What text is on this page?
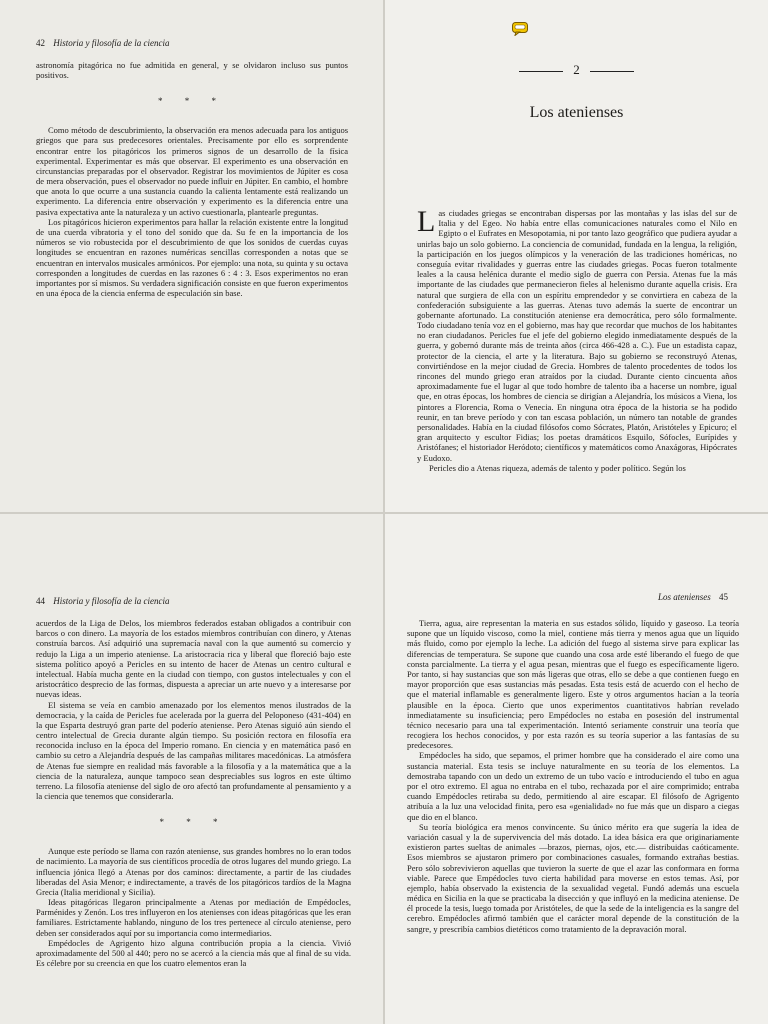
42 Historia y filosofía de la ciencia

astronomía pitagórica no fue admitida en general, y se olvidaron incluso sus puntos positivos.

* * *

Como método de descubrimiento, la observación era menos adecuada para los antiguos griegos que para sus predecesores orientales. Precisamente por ello es sorprendente encontrar entre los pitagóricos los primeros signos de un desarrollo de la física experimental. Experimentar es más que observar. El experimento es una observación en circunstancias preparadas por el observador. Registrar los movimientos de Júpiter es cosa de mera observación, pues el observador no puede influir en Júpiter. En cambio, el hombre que anota lo que ocurre a una sustancia cuando la calienta lentamente está realizando un experimento. La diferencia entre observación y experimento es la diferencia entre una pasiva expectativa ante la naturaleza y un activo cuestionarla, plantearle preguntas.

Los pitagóricos hicieron experimentos para hallar la relación existente entre la longitud de una cuerda vibratoria y el tono del sonido que da. Su fe en la importancia de los números se vio robustecida por el descubrimiento de que los sonidos de cuerdas cuyas longitudes se encuentran en razones numéricas sencillas corresponden a notas que se encuentran en intervalos musicales armónicos. Por ejemplo: una nota, su quinta y su octava corresponden a longitudes de cuerdas en las razones 6 : 4 : 3. Esos experimentos no eran importantes por sí mismos. Su verdadera significación consiste en que fueron experimentos en una época de la ciencia enferma de especulación sin base.

2
Los atenienses

Las ciudades griegas se encontraban dispersas por las montañas y las islas del sur de Italia y del Egeo. No había entre ellas comunicaciones naturales como el Nilo en Egipto o el Eufrates en Mesopotamia, ni por tanto lazo geográfico que pudiera ayudar a unirlas bajo un solo gobierno. La conciencia de comunidad, fundada en la lengua, la religión, la participación en los juegos olímpicos y la veneración de las tradiciones homéricas, no conseguía evitar rivalidades y guerras entre las ciudades griegas. Pocas fueron totalmente leales a la causa helénica durante el medio siglo de guerra con Persia. Atenas fue la más importante de las ciudades que permanecieron fieles al helenismo durante aquella crisis. Era natural que surgiera de ella con un espíritu emprendedor y se convirtiera en cabeza de la confederación subsiguiente a las guerras. Atenas tuvo además la suerte de encontrar un gobernante afortunado. La constitución ateniense era democrática, pero sólo formalmente. Todo ciudadano tenía voz en el gobierno, mas hay que recordar que muchos de los habitantes no eran ciudadanos. Pericles fue el jefe del gobierno elegido inmediatamente después de la guerra, y gobernó durante más de treinta años (circa 466-428 a. C.). Fue un estadista capaz, protector de la ciencia, el arte y la literatura. Bajo su gobierno se reconstruyó Atenas, convirtiéndose en la mejor ciudad de Grecia. Hombres de talento procedentes de todos los rincones del mundo griego eran atraídos por la ciudad. Durante ciento cincuenta años aproximadamente fue el lugar al que todo hombre de talento iba a hacerse un nombre, igual que, en otras épocas, los hombres de ciencia se dirigían a Alejandría, los músicos a Viena, los pintores a Florencia, Roma o Venecia. En ninguna otra época de la historia se ha podido reunir, en tan breve período y con tan escasa población, un número tan notable de grandes personalidades. Había en la ciudad filósofos como Sócrates, Platón, Aristóteles y Epicuro; el gran arquitecto y escultor Fidias; los poetas dramáticos Esquilo, Sófocles, Eurípides y Aristófanes; el historiador Heródoto; científicos y matemáticos como Anaxágoras, Hipócrates y Eudoxo.

Pericles dio a Atenas riqueza, además de talento y poder político. Según los

44 Historia y filosofía de la ciencia

acuerdos de la Liga de Delos, los miembros federados estaban obligados a contribuir con barcos o con dinero. La mayoría de los estados miembros contribuían con dinero, y Atenas construía barcos. Así adquirió una supremacía naval con la que aumentó su comercio y redujo la Liga a un imperio ateniense. La aristocracia rica y liberal que floreció bajo este sistema político apoyó a Pericles en su intento de hacer de Atenas un centro cultural e intelectual. Había mucha gente en la ciudad con tiempo, con gustos intelectuales y con el aristocrático desprecio de las formas, dispuesta a apreciar un arte nuevo y a interesarse por nuevas ideas.

El sistema se veía en cambio amenazado por los elementos menos ilustrados de la democracia, y la caída de Pericles fue acelerada por la guerra del Peloponeso (431-404) en la que Esparta destruyó gran parte del poderío ateniense. Pero Atenas siguió aún siendo el centro intelectual de Grecia durante algún tiempo. Su posición rectora en filosofía era reconocida incluso en la época del Imperio romano. En ciencia y en matemática pasó en cambio su cetro a Alejandría después de las campañas militares macedónicas. La atmósfera de Atenas fue siempre en realidad más favorable a la filosofía y a la matemática que a la ciencia de la naturaleza, aunque tampoco sean despreciables sus logros en este último terreno. La filosofía ateniense del siglo de oro afectó tan profundamente al pensamiento y a la ciencia que tenemos que considerarla.

* * *

Aunque este período se llama con razón ateniense, sus grandes hombres no lo eran todos de nacimiento. La mayoría de sus científicos procedía de otros lugares del mundo griego. La influencia jónica llegó a Atenas por dos caminos: directamente, a partir de las ciudades liberadas del Asia Menor; e indirectamente, a través de los pitagóricos tardíos de la Magna Grecia (Italia meridional y Sicilia).

Ideas pitagóricas llegaron principalmente a Atenas por mediación de Empédocles, Parménides y Zenón. Los tres influyeron en los atenienses con ideas pitagóricas que les eran familiares. Estrictamente hablando, ninguno de los tres pertenece al círculo ateniense, pero deben ser considerados aquí por su importancia como intermediarios.

Empédocles de Agrigento hizo alguna contribución propia a la ciencia. Vivió aproximadamente del 500 al 440; pero no se acercó a la ciencia más que al final de su vida. Es célebre por su creencia en que los cuatro elementos eran la

Los atenienses 45

Tierra, agua, aire representan la materia en sus estados sólido, líquido y gaseoso. La teoría supone que un líquido viscoso, como la miel, contiene más tierra y menos agua que un líquido más fluido, como por ejemplo la leche. La adición del fuego al sistema sirve para explicar las diferencias de temperatura. Se supone que cuando una cosa arde esté liberando el fuego de que consta parcialmente. La tierra y el agua pesan, mientras que el fuego es específicamente ligero. Por tanto, si hay sustancias que son más ligeras que otras, ello se debe a que contienen fuego en mayor proporción que esas sustancias más pesadas. Esta tesis está de acuerdo con el hecho de que el material inflamable es generalmente ligero. Este y otros argumentos hacían a la teoría plausible en la época. Cierto que unos experimentos cuantitativos habrían revelado inmediatamente su insuficiencia; pero Empédocles no estaba en posesión del instrumental técnico necesario para una tal experimentación. Intentó seriamente construir una teoría que recogiera los hechos conocidos, y por esta razón es su teoría superior a las fantasías de su predecesores.

Empédocles ha sido, que sepamos, el primer hombre que ha considerado el aire como una sustancia material. Esta tesis se incluye naturalmente en su teoría de los elementos. La demostraba tapando con un dedo un extremo de un tubo vacío e introduciendo el tubo en agua por el otro extremo. El agua no entraba en el tubo, rechazada por el aire comprimido; entraba cuando Empédocles retiraba su dedo, permitiendo al aire escapar. El filósofo de Agrigento atribuía a la luz una velocidad finita, pero esa «genialidad» no fue más que un disparo a ciegas que dio en el blanco.

Su teoría biológica era menos convincente. Su único mérito era que sugería la idea de variación casual y la de supervivencia del más dotado. La idea básica era que originariamente existieron partes sueltas de animales —brazos, piernas, ojos, etc.— distribuidas caóticamente. Esos miembros se ajustaron primero por combinaciones casuales, formando extrañas bestias. Pero sólo sobrevivieron aquellas que tuvieron la suerte de que el azar las conformara en forma viable. Parece que Empédocles tuvo cierta habilidad para moverse en estos temas. Así, por ejemplo, había observado la existencia de la sexualidad vegetal. Fundó además una escuela médica en Sicilia en la que se practicaba la disección y que influyó en la medicina ateniense. De él procede la tesis, luego tomada por Aristóteles, de que la sede de la inteligencia es la sangre del cerebro. Empédocles afirmó también que el carácter moral depende de la constitución de la sangre, y prescribía cambios dietéticos como tratamiento de la depravación moral.
